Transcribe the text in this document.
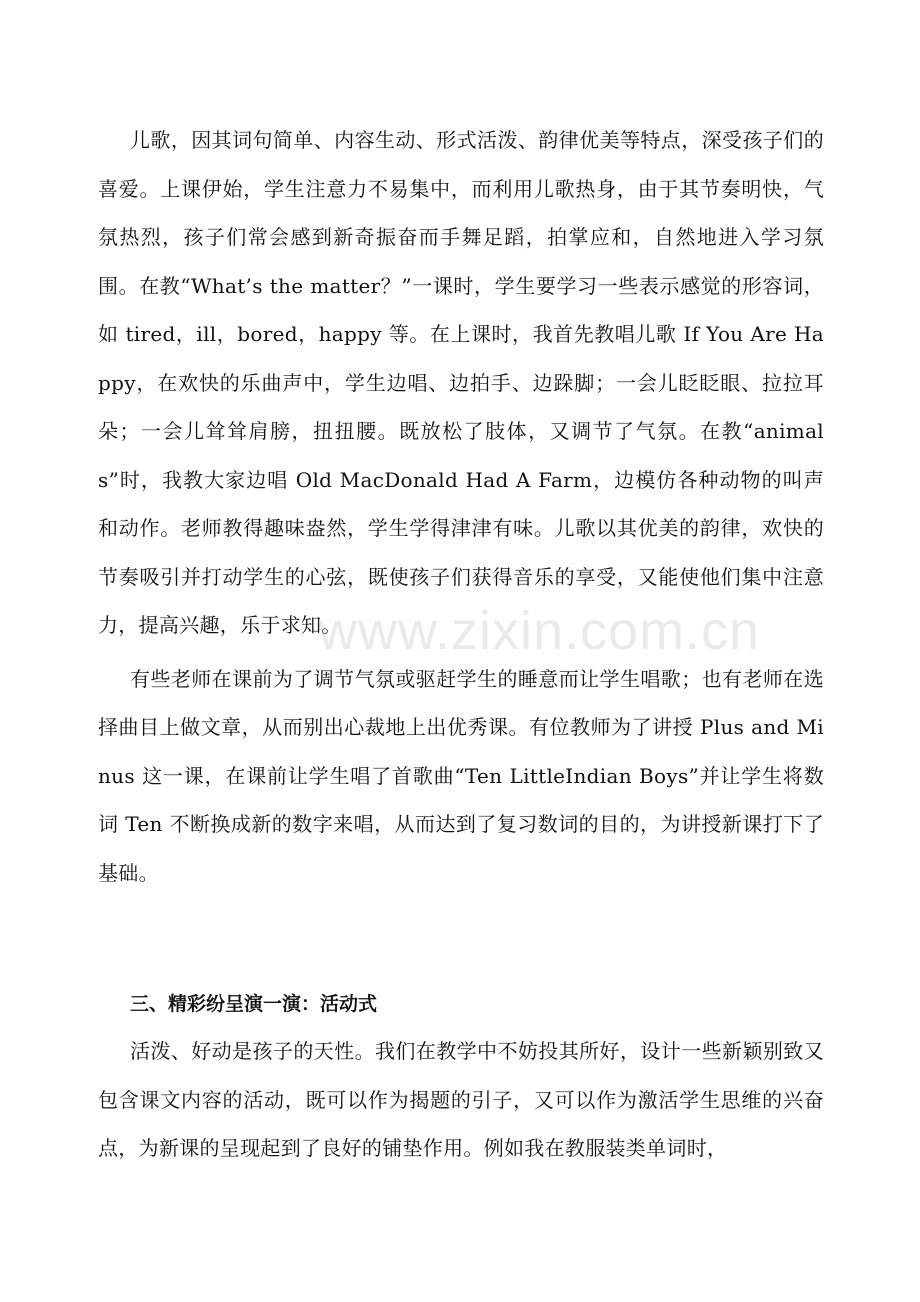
儿歌，因其词句简单、内容生动、形式活泼、韵律优美等特点，深受孩子们的喜爱。上课伊始，学生注意力不易集中，而利用儿歌热身，由于其节奏明快，气氛热烈，孩子们常会感到新奇振奋而手舞足蹈，拍掌应和，自然地进入学习氛围。在教“What’s the matter？”一课时，学生要学习一些表示感觉的形容词，如 tired，ill，bored，happy 等。在上课时，我首先教唱儿歌 If You Are Happy，在欢快的乐曲声中，学生边唱、边拍手、边跺脚；一会儿眨眨眼、拉拉耳朵；一会儿耸耸肩膀，扭扭腰。既放松了肢体，又调节了气氛。在教“animals”时，我教大家边唱 Old MacDonald Had A Farm，边模仿各种动物的叫声和动作。老师教得趣味盎然，学生学得津津有味。儿歌以其优美的韵律，欢快的节奏吸引并打动学生的心弦，既使孩子们获得音乐的享受，又能使他们集中注意力，提高兴趣，乐于求知。

有些老师在课前为了调节气氛或驱赶学生的睡意而让学生唱歌；也有老师在选择曲目上做文章，从而别出心裁地上出优秀课。有位教师为了讲授 Plus and Minus 这一课，在课前让学生唱了首歌曲“Ten LittleIndian Boys”并让学生将数词 Ten 不断换成新的数字来唱，从而达到了复习数词的目的，为讲授新课打下了基础。

三、精彩纷呈演一演：活动式

活泼、好动是孩子的天性。我们在教学中不妨投其所好，设计一些新颖别致又包含课文内容的活动，既可以作为揭题的引子，又可以作为激活学生思维的兴奋点，为新课的呈现起到了良好的铺垫作用。例如我在教服装类单词时，

www.zixin.com.cn
